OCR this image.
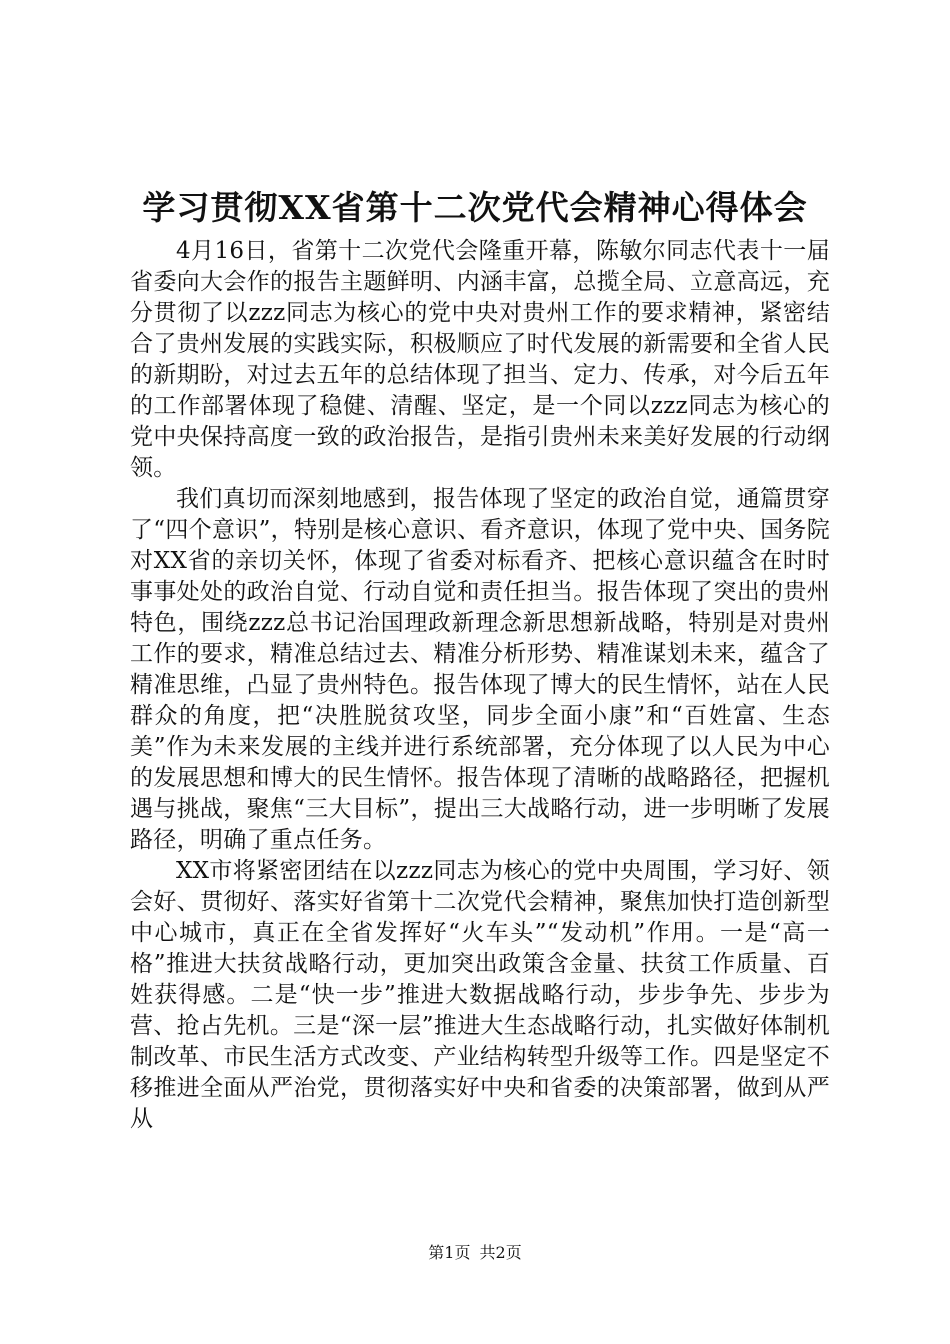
学习贯彻XX省第十二次党代会精神心得体会

4月16日，省第十二次党代会隆重开幕，陈敏尔同志代表十一届省委向大会作的报告主题鲜明、内涵丰富，总揽全局、立意高远，充分贯彻了以zzz同志为核心的党中央对贵州工作的要求精神，紧密结合了贵州发展的实践实际，积极顺应了时代发展的新需要和全省人民的新期盼，对过去五年的总结体现了担当、定力、传承，对今后五年的工作部署体现了稳健、清醒、坚定，是一个同以zzz同志为核心的党中央保持高度一致的政治报告，是指引贵州未来美好发展的行动纲领。

我们真切而深刻地感到，报告体现了坚定的政治自觉，通篇贯穿了“四个意识”，特别是核心意识、看齐意识，体现了党中央、国务院对XX省的亲切关怀，体现了省委对标看齐、把核心意识蕴含在时时事事处处的政治自觉、行动自觉和责任担当。报告体现了突出的贵州特色，围绕zzz总书记治国理政新理念新思想新战略，特别是对贵州工作的要求，精准总结过去、精准分析形势、精准谋划未来，蕴含了精准思维，凸显了贵州特色。报告体现了博大的民生情怀，站在人民群众的角度，把“决胜脱贫攻坚，同步全面小康”和“百姓富、生态美”作为未来发展的主线并进行系统部署，充分体现了以人民为中心的发展思想和博大的民生情怀。报告体现了清晰的战略路径，把握机遇与挑战，聚焦“三大目标”，提出三大战略行动，进一步明晰了发展路径，明确了重点任务。

XX市将紧密团结在以zzz同志为核心的党中央周围，学习好、领会好、贯彻好、落实好省第十二次党代会精神，聚焦加快打造创新型中心城市，真正在全省发挥好“火车头”“发动机”作用。一是“高一格”推进大扶贫战略行动，更加突出政策含金量、扶贫工作质量、百姓获得感。二是“快一步”推进大数据战略行动，步步争先、步步为营、抢占先机。三是“深一层”推进大生态战略行动，扎实做好体制机制改革、市民生活方式改变、产业结构转型升级等工作。四是坚定不移推进全面从严治党，贯彻落实好中央和省委的决策部署，做到从严从

第1页 共2页
